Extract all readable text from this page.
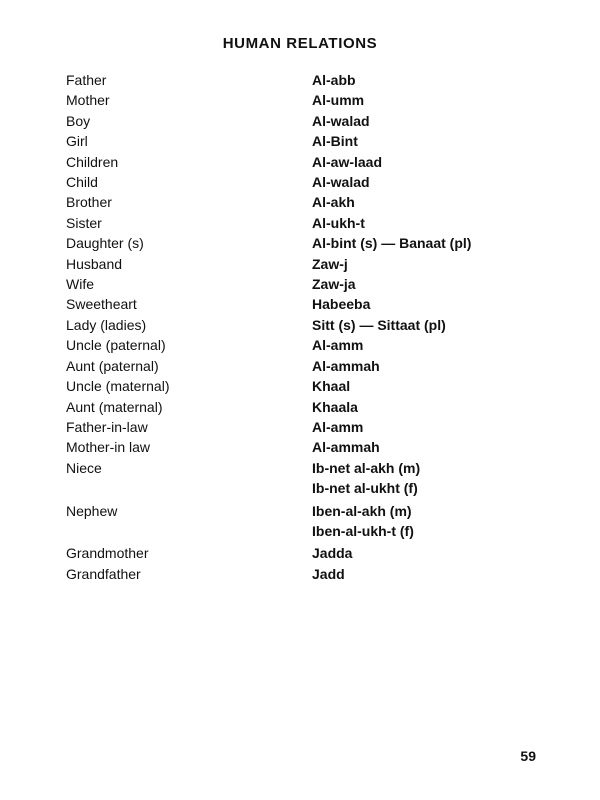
HUMAN RELATIONS
Father	Al-abb
Mother	Al-umm
Boy	Al-walad
Girl	Al-Bint
Children	Al-aw-laad
Child	Al-walad
Brother	Al-akh
Sister	Al-ukh-t
Daughter (s)	Al-bint (s) — Banaat (pl)
Husband	Zaw-j
Wife	Zaw-ja
Sweetheart	Habeeba
Lady (ladies)	Sitt (s) — Sittaat (pl)
Uncle (paternal)	Al-amm
Aunt (paternal)	Al-ammah
Uncle (maternal)	Khaal
Aunt (maternal)	Khaala
Father-in-law	Al-amm
Mother-in law	Al-ammah
Niece	Ib-net al-akh (m)
Ib-net al-ukht (f)
Nephew	Iben-al-akh (m)
Iben-al-ukh-t (f)
Grandmother	Jadda
Grandfather	Jadd
59
